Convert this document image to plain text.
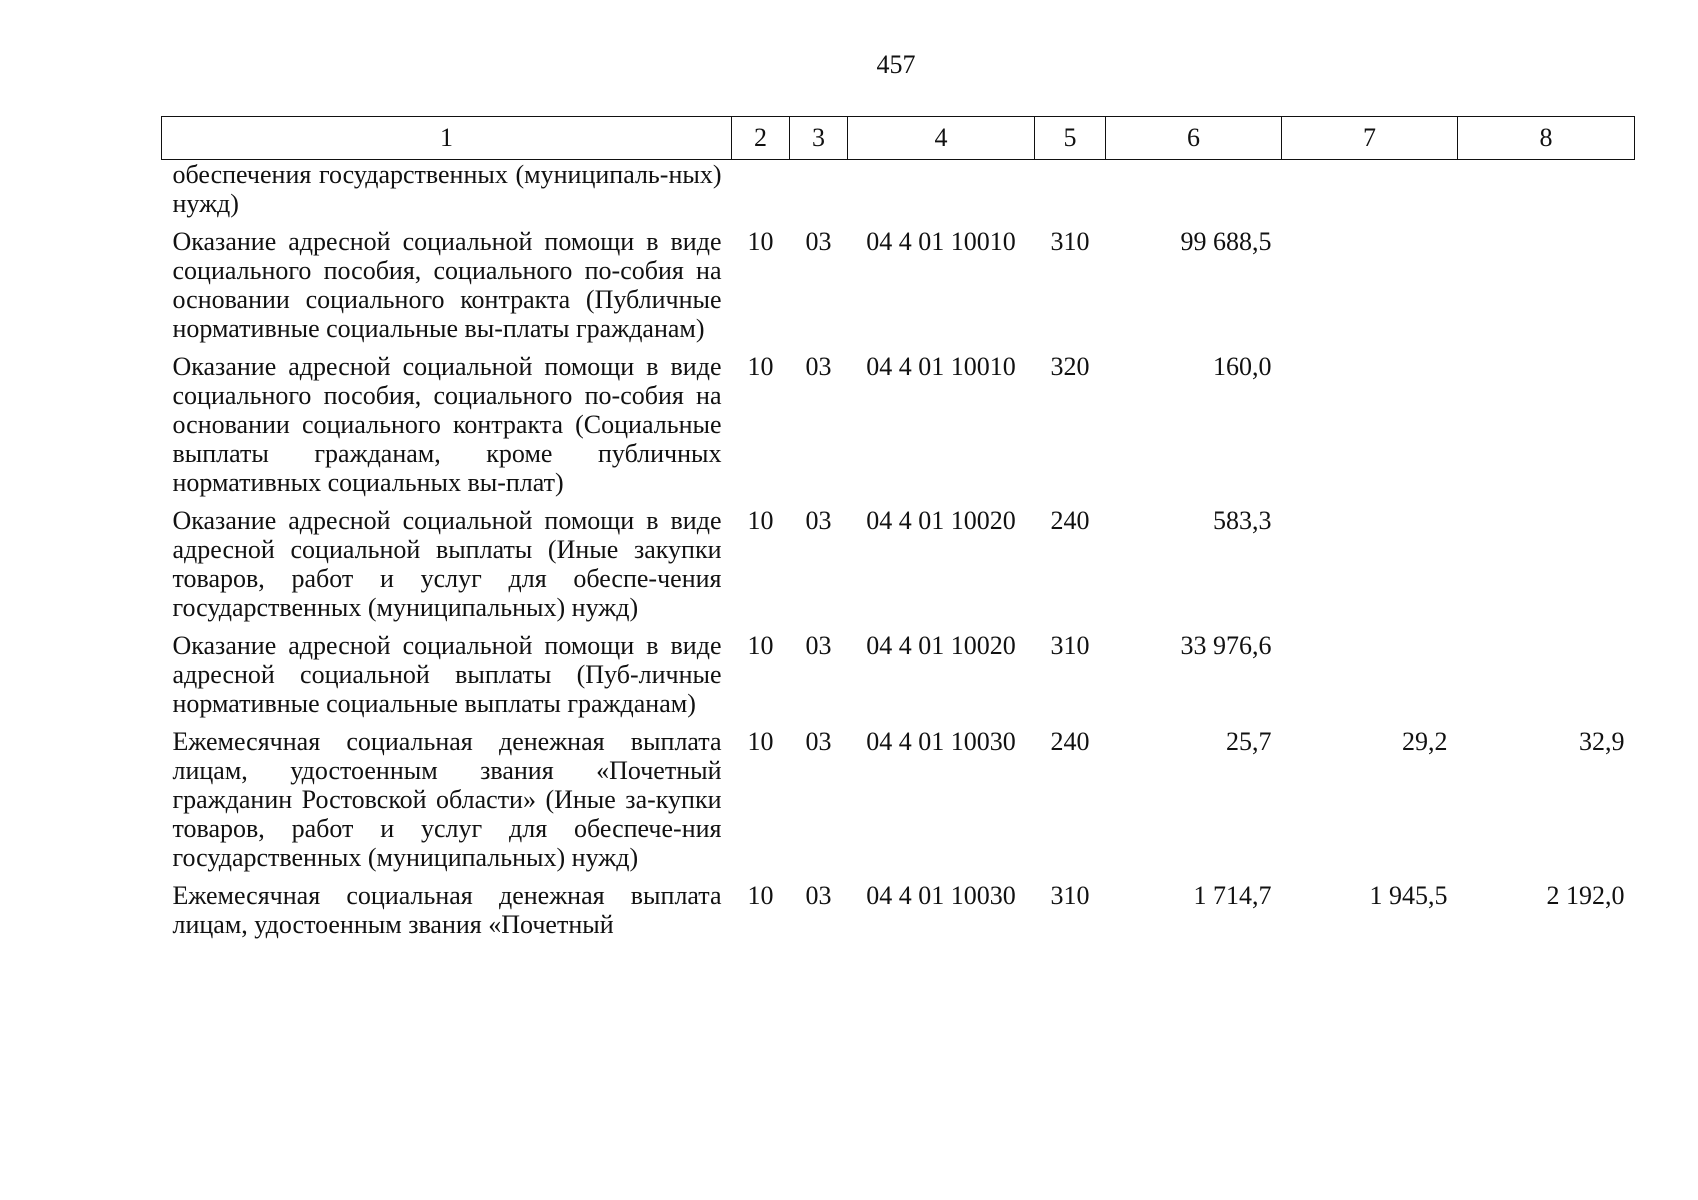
457
1	2	3	4	5	6	7	8
обеспечения государственных (муниципаль-ных) нужд)							
Оказание адресной социальной помощи в виде социального пособия, социального по-собия на основании социального контракта (Публичные нормативные социальные вы-платы гражданам)	10	03	04 4 01 10010	310	99 688,5		
Оказание адресной социальной помощи в виде социального пособия, социального по-собия на основании социального контракта (Социальные выплаты гражданам, кроме публичных нормативных социальных вы-плат)	10	03	04 4 01 10010	320	160,0		
Оказание адресной социальной помощи в виде адресной социальной выплаты (Иные закупки товаров, работ и услуг для обеспе-чения государственных (муниципальных) нужд)	10	03	04 4 01 10020	240	583,3		
Оказание адресной социальной помощи в виде адресной социальной выплаты (Пуб-личные нормативные социальные выплаты гражданам)	10	03	04 4 01 10020	310	33 976,6		
Ежемесячная социальная денежная выплата лицам, удостоенным звания «Почетный гражданин Ростовской области» (Иные за-купки товаров, работ и услуг для обеспече-ния государственных (муниципальных) нужд)	10	03	04 4 01 10030	240	25,7	29,2	32,9
Ежемесячная социальная денежная выплата лицам, удостоенным звания «Почетный	10	03	04 4 01 10030	310	1 714,7	1 945,5	2 192,0
